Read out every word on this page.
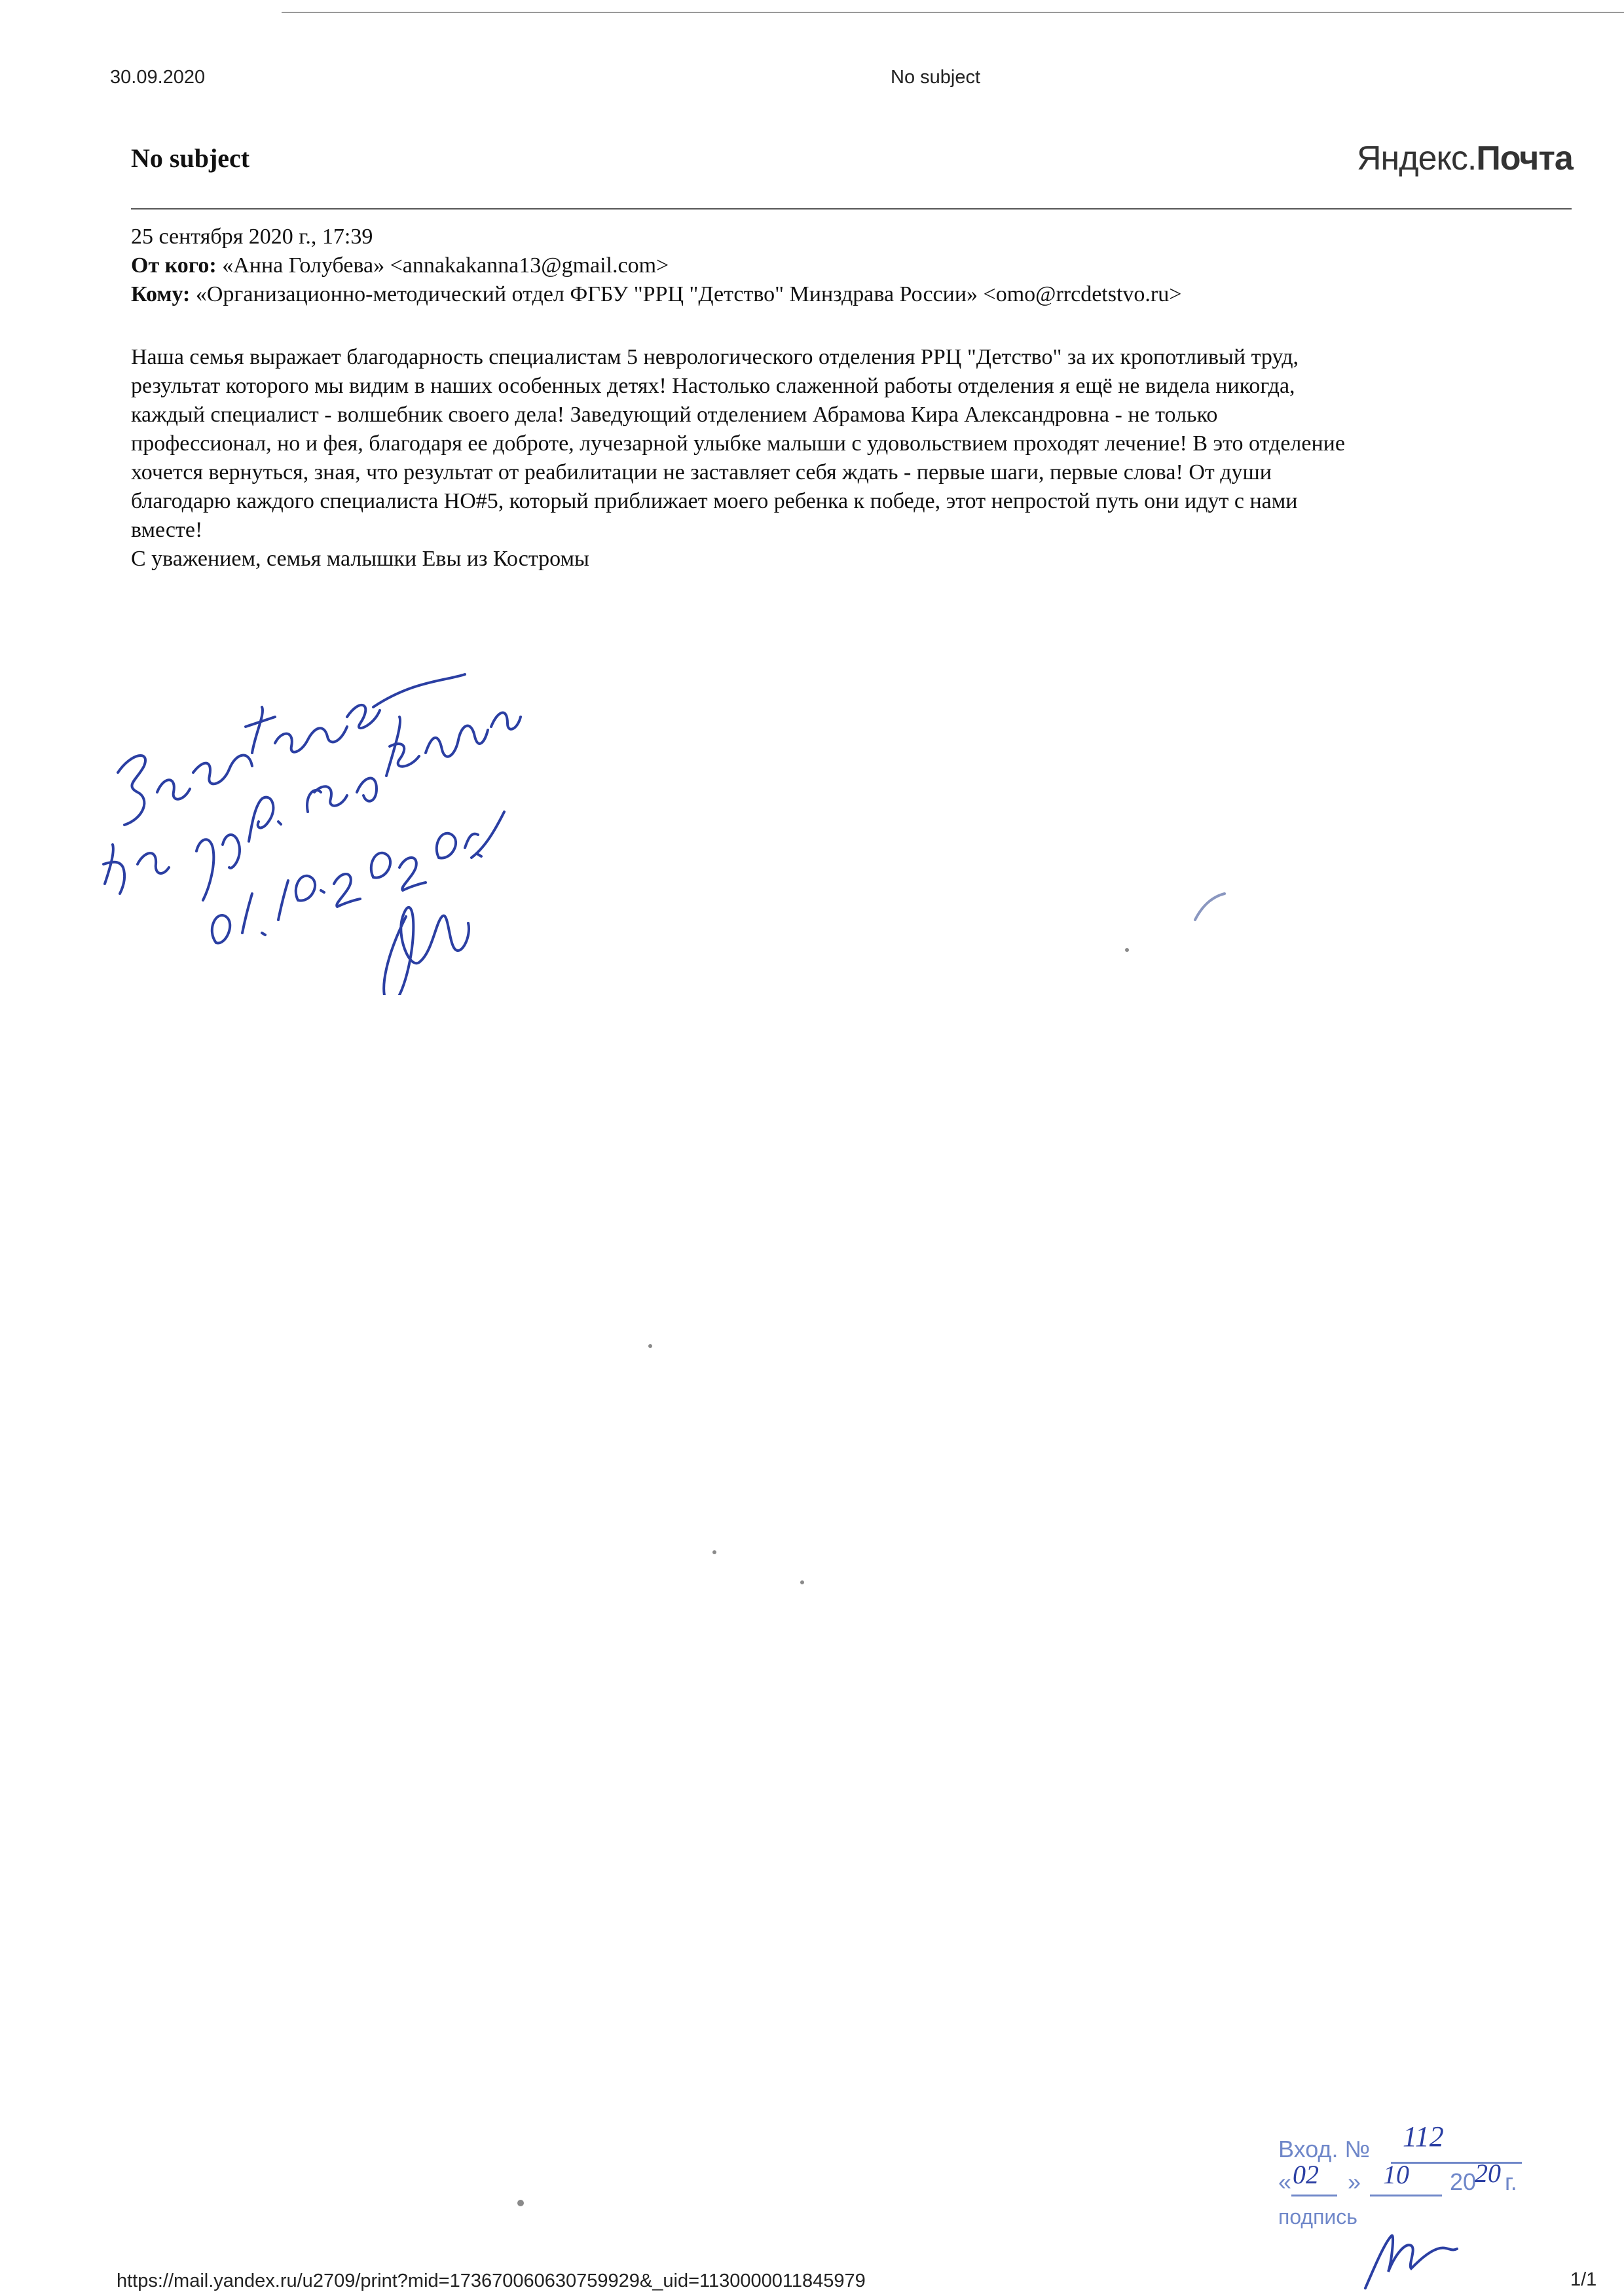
30.09.2020	No subject
No subject	Яндекс.Почта
25 сентября 2020 г., 17:39
От кого: «Анна Голубева» <annakakanna13@gmail.com>
Кому: «Организационно-методический отдел ФГБУ "РРЦ "Детство" Минздрава России» <omo@rrcdetstvo.ru>

Наша семья выражает благодарность специалистам 5 неврологического отделения РРЦ "Детство" за их кропотливый труд,

результат которого мы видим в наших особенных детях! Настолько слаженной работы отделения я ещё не видела никогда,

каждый специалист - волшебник своего дела! Заведующий отделением Абрамова Кира Александровна - не только

профессионал, но и фея, благодаря ее доброте, лучезарной улыбке малыши с удовольствием проходят лечение! В это отделение

хочется вернуться, зная, что результат от реабилитации не заставляет себя ждать - первые шаги, первые слова! От души

благодарю каждого специалиста НО#5, который приближает моего ребенка к победе, этот непростой путь они идут с нами

вместе!

С уважением, семья малышки Евы из Костромы

Вход. № 112
« 02 » 10 20
20 г.
подпись
https://mail.yandex.ru/u2709/print?mid=173670060630759929&_uid=1130000011845979	1/1
